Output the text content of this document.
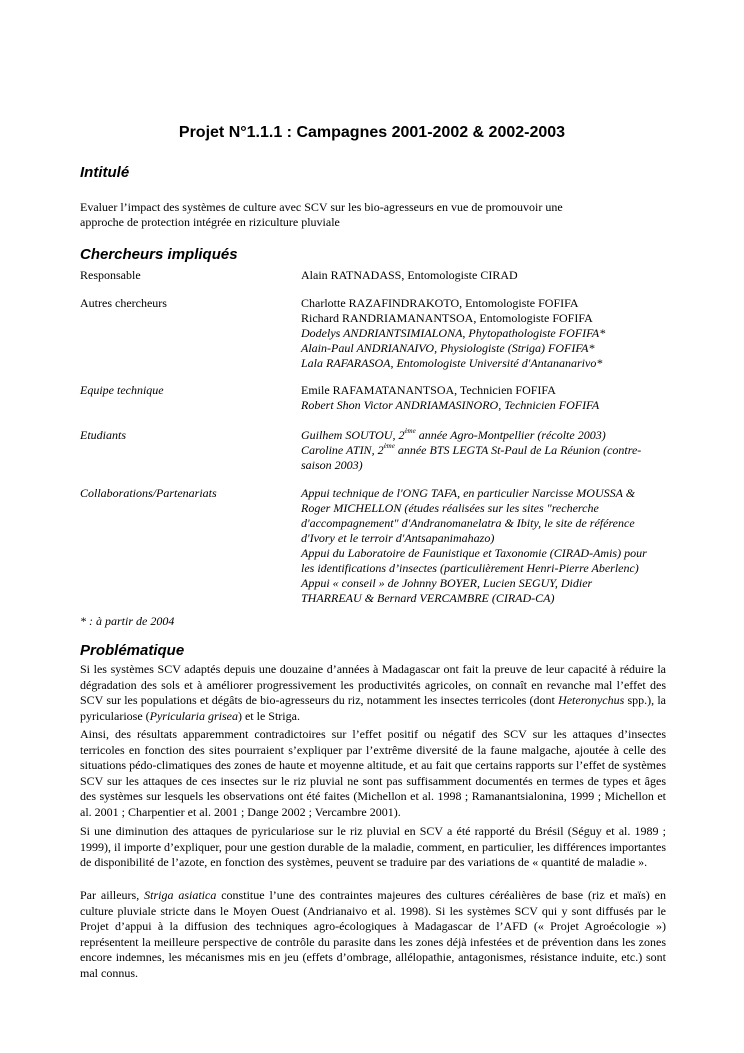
Projet N°1.1.1 : Campagnes 2001-2002 & 2002-2003
Intitulé
Evaluer l’impact des systèmes de culture avec SCV sur les bio-agresseurs en vue de promouvoir une
approche de protection intégrée en riziculture pluviale
Chercheurs impliqués
Responsable	Alain RATNADASS, Entomologiste CIRAD
Autres chercheurs	Charlotte RAZAFINDRAKOTO, Entomologiste FOFIFA
Richard RANDRIAMANANTSOA, Entomologiste FOFIFA
Dodelys ANDRIANTSIMIALONA, Phytopathologiste FOFIFA*
Alain-Paul ANDRIANAIVO, Physiologiste (Striga) FOFIFA*
Lala RAFARASOA, Entomologiste Université d'Antananarivo*
Equipe technique	Emile RAFAMATANANTSOA, Technicien FOFIFA
Robert Shon Victor ANDRIAMASINORO, Technicien FOFIFA
Etudiants	Guilhem SOUTOU, 2ème année Agro-Montpellier (récolte 2003)
Caroline ATIN, 2ème année BTS LEGTA St-Paul de La Réunion (contre-
saison 2003)
Collaborations/Partenariats	Appui technique de l'ONG TAFA, en particulier Narcisse MOUSSA &
Roger MICHELLON (études réalisées sur les sites "recherche
d'accompagnement" d'Andranomanelatra & Ibity, le site de référence
d'Ivory et le terroir d'Antsapanimahazo)
Appui du Laboratoire de Faunistique et Taxonomie (CIRAD-Amis) pour
les identifications d’insectes (particulièrement Henri-Pierre Aberlenc)
Appui « conseil » de Johnny BOYER, Lucien SEGUY, Didier
THARREAU & Bernard VERCAMBRE (CIRAD-CA)
* : à partir de 2004
Problématique
Si les systèmes SCV adaptés depuis une douzaine d’années à Madagascar ont fait la preuve de leur capacité à réduire la dégradation des sols et à améliorer progressivement les productivités agricoles, on connaît en revanche mal l’effet des SCV sur les populations et dégâts de bio-agresseurs du riz, notamment les insectes terricoles (dont Heteronychus spp.), la pyriculariose (Pyricularia grisea) et le Striga.
Ainsi, des résultats apparemment contradictoires sur l’effet positif ou négatif des SCV sur les attaques d’insectes terricoles en fonction des sites pourraient s’expliquer par l’extrême diversité de la faune malgache, ajoutée à celle des situations pédo-climatiques des zones de haute et moyenne altitude, et au fait que certains rapports sur l’effet de systèmes SCV sur les attaques de ces insectes sur le riz pluvial ne sont pas suffisamment documentés en termes de types et âges des systèmes sur lesquels les observations ont été faites (Michellon et al. 1998 ; Ramanantsialonina, 1999 ; Michellon et al. 2001 ; Charpentier et al. 2001 ; Dange 2002 ; Vercambre 2001).
Si une diminution des attaques de pyriculariose sur le riz pluvial en SCV a été rapporté du Brésil (Séguy et al. 1989 ; 1999), il importe d’expliquer, pour une gestion durable de la maladie, comment, en particulier, les différences importantes de disponibilité de l’azote, en fonction des systèmes, peuvent se traduire par des variations de « quantité de maladie ».
Par ailleurs, Striga asiatica constitue l’une des contraintes majeures des cultures céréalières de base (riz et maïs) en culture pluviale stricte dans le Moyen Ouest (Andrianaivo et al. 1998). Si les systèmes SCV qui y sont diffusés par le Projet d’appui à la diffusion des techniques agro-écologiques à Madagascar de l’AFD (« Projet Agroécologie ») représentent la meilleure perspective de contrôle du parasite dans les zones déjà infestées et de prévention dans les zones encore indemnes, les mécanismes mis en jeu (effets d’ombrage, allélopathie, antagonismes, résistance induite, etc.) sont mal connus.
